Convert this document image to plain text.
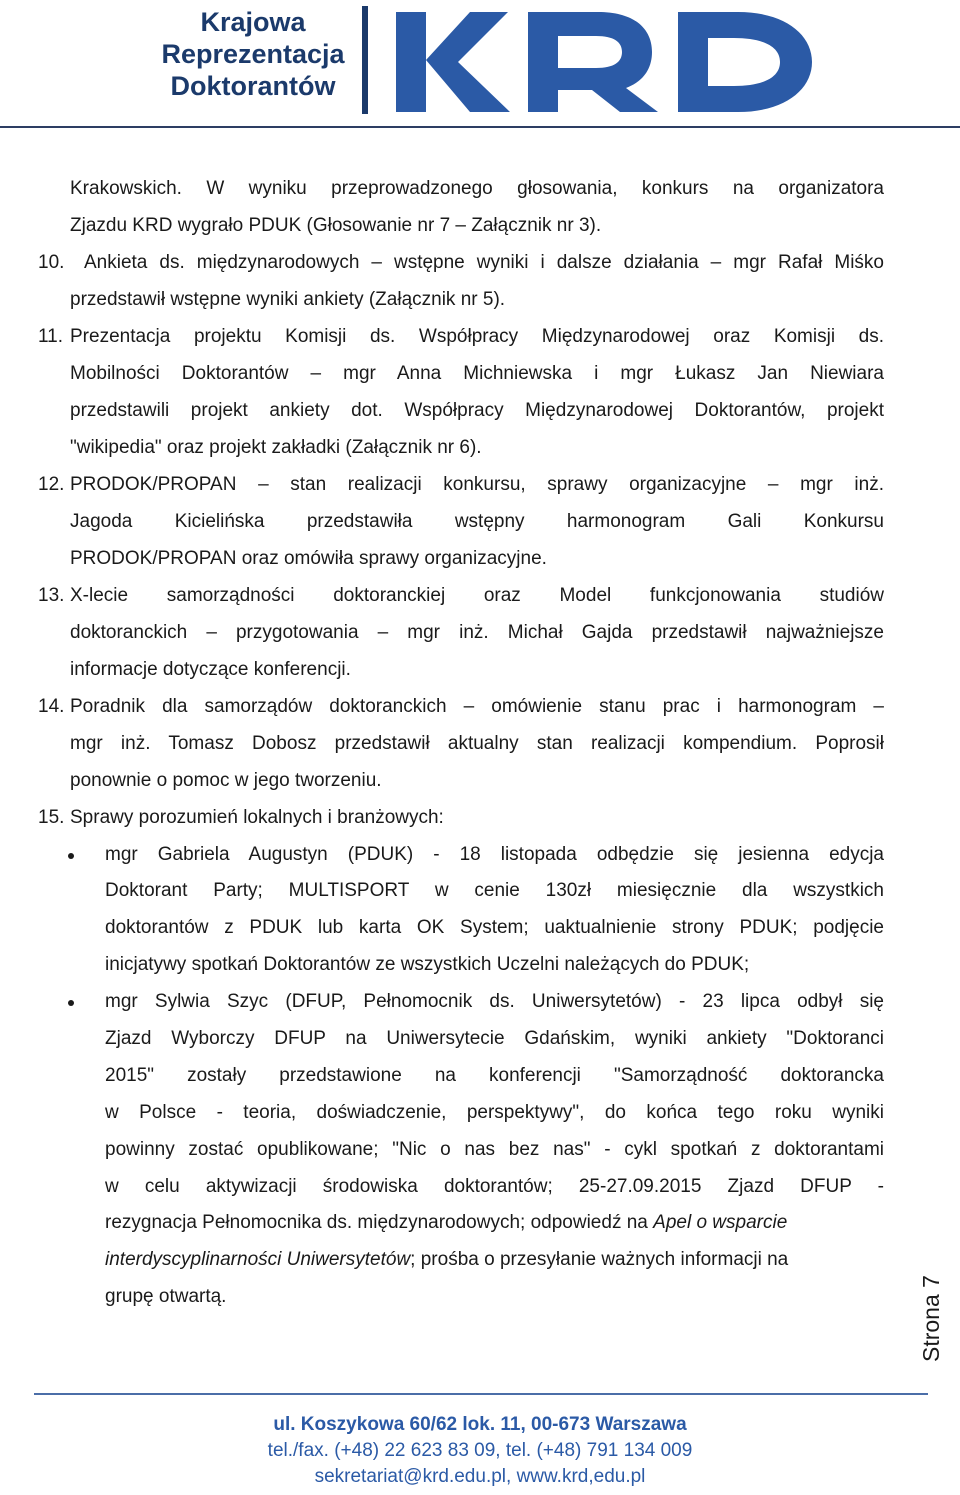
Krajowa
Reprezentacja
Doktorantów
Krakowskich. W wyniku przeprowadzonego głosowania, konkurs na organizatora
Zjazdu KRD wygrało PDUK (Głosowanie nr 7 – Załącznik nr 3).
10. Ankieta ds. międzynarodowych – wstępne wyniki i dalsze działania – mgr Rafał Miśko
przedstawił wstępne wyniki ankiety (Załącznik nr 5).
11. Prezentacja projektu Komisji ds. Współpracy Międzynarodowej oraz Komisji ds.
Mobilności Doktorantów – mgr Anna Michniewska i mgr Łukasz Jan Niewiara
przedstawili projekt ankiety dot. Współpracy Międzynarodowej Doktorantów, projekt
"wikipedia" oraz projekt zakładki (Załącznik nr 6).
12. PRODOK/PROPAN – stan realizacji konkursu, sprawy organizacyjne – mgr inż.
Jagoda Kicielińska przedstawiła wstępny harmonogram Gali Konkursu
PRODOK/PROPAN oraz omówiła sprawy organizacyjne.
13. X-lecie samorządności doktoranckiej oraz Model funkcjonowania studiów
doktoranckich – przygotowania – mgr inż. Michał Gajda przedstawił najważniejsze
informacje dotyczące konferencji.
14. Poradnik dla samorządów doktoranckich – omówienie stanu prac i harmonogram –
mgr inż. Tomasz Dobosz przedstawił aktualny stan realizacji kompendium. Poprosił
ponownie o pomoc w jego tworzeniu.
15. Sprawy porozumień lokalnych i branżowych:
mgr Gabriela Augustyn (PDUK) - 18 listopada odbędzie się jesienna edycja
Doktorant Party; MULTISPORT w cenie 130zł miesięcznie dla wszystkich
doktorantów z PDUK lub karta OK System; uaktualnienie strony PDUK; podjęcie
inicjatywy spotkań Doktorantów ze wszystkich Uczelni należących do PDUK;
mgr Sylwia Szyc (DFUP, Pełnomocnik ds. Uniwersytetów) - 23 lipca odbył się
Zjazd Wyborczy DFUP na Uniwersytecie Gdańskim, wyniki ankiety "Doktoranci
2015" zostały przedstawione na konferencji "Samorządność doktorancka
w Polsce - teoria, doświadczenie, perspektywy", do końca tego roku wyniki
powinny zostać opublikowane; "Nic o nas bez nas" - cykl spotkań z doktorantami
w celu aktywizacji środowiska doktorantów; 25-27.09.2015 Zjazd DFUP -
rezygnacja Pełnomocnika ds. międzynarodowych; odpowiedź na Apel o wsparcie
interdyscyplinarności Uniwersytetów; prośba o przesyłanie ważnych informacji na
grupę otwartą.	Strona 7
ul. Koszykowa 60/62 lok. 11, 00-673 Warszawa
tel./fax. (+48) 22 623 83 09, tel. (+48) 791 134 009
sekretariat@krd.edu.pl, www.krd,edu.pl
